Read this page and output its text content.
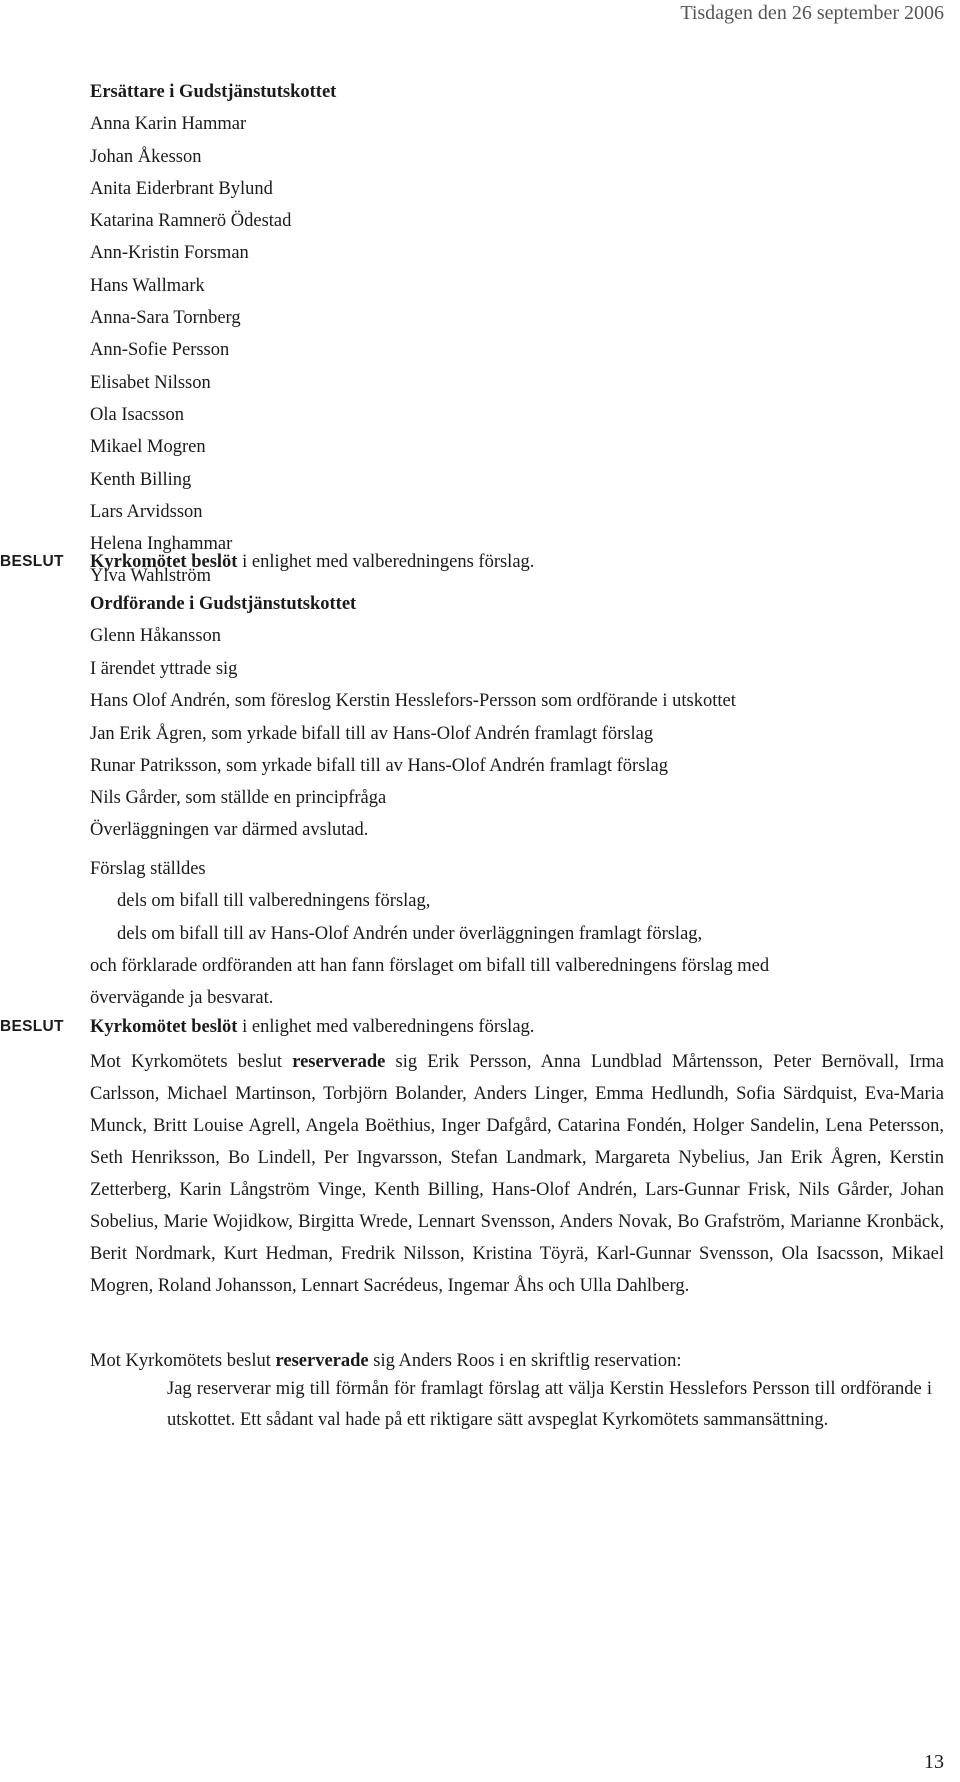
Tisdagen den 26 september 2006
Ersättare i Gudstjänstutskottet
Anna Karin Hammar
Johan Åkesson
Anita Eiderbrant Bylund
Katarina Ramnerö Ödestad
Ann-Kristin Forsman
Hans Wallmark
Anna-Sara Tornberg
Ann-Sofie Persson
Elisabet Nilsson
Ola Isacsson
Mikael Mogren
Kenth Billing
Lars Arvidsson
Helena Inghammar
Ylva Wahlström
BESLUT Kyrkomötet beslöt i enlighet med valberedningens förslag.
Ordförande i Gudstjänstutskottet
Glenn Håkansson
I ärendet yttrade sig
Hans Olof Andrén, som föreslog Kerstin Hesslefors-Persson som ordförande i utskottet
Jan Erik Ågren, som yrkade bifall till av Hans-Olof Andrén framlagt förslag
Runar Patriksson, som yrkade bifall till av Hans-Olof Andrén framlagt förslag
Nils Gårder, som ställde en principfråga
Överläggningen var därmed avslutad.
Förslag ställdes
dels om bifall till valberedningens förslag,
dels om bifall till av Hans-Olof Andrén under överläggningen framlagt förslag,
och förklarade ordföranden att han fann förslaget om bifall till valberedningens förslag med
övervägande ja besvarat.
BESLUT Kyrkomötet beslöt i enlighet med valberedningens förslag.
Mot Kyrkomötets beslut reserverade sig Erik Persson, Anna Lundblad Mårtensson, Peter Bernövall, Irma Carlsson, Michael Martinson, Torbjörn Bolander, Anders Linger, Emma Hedlundh, Sofia Särdquist, Eva-Maria Munck, Britt Louise Agrell, Angela Boëthius, Inger Dafgård, Catarina Fondén, Holger Sandelin, Lena Petersson, Seth Henriksson, Bo Lindell, Per Ingvarsson, Stefan Landmark, Margareta Nybelius, Jan Erik Ågren, Kerstin Zetterberg, Karin Långström Vinge, Kenth Billing, Hans-Olof Andrén, Lars-Gunnar Frisk, Nils Gårder, Johan Sobelius, Marie Wojidkow, Birgitta Wrede, Lennart Svensson, Anders Novak, Bo Grafström, Marianne Kronbäck, Berit Nordmark, Kurt Hedman, Fredrik Nilsson, Kristina Töyrä, Karl-Gunnar Svensson, Ola Isacsson, Mikael Mogren, Roland Johansson, Lennart Sacrédeus, Ingemar Åhs och Ulla Dahlberg.
Mot Kyrkomötets beslut reserverade sig Anders Roos i en skriftlig reservation:
Jag reserverar mig till förmån för framlagt förslag att välja Kerstin Hesslefors Persson till ordförande i utskottet. Ett sådant val hade på ett riktigare sätt avspeglat Kyrkomötets sammansättning.
13
